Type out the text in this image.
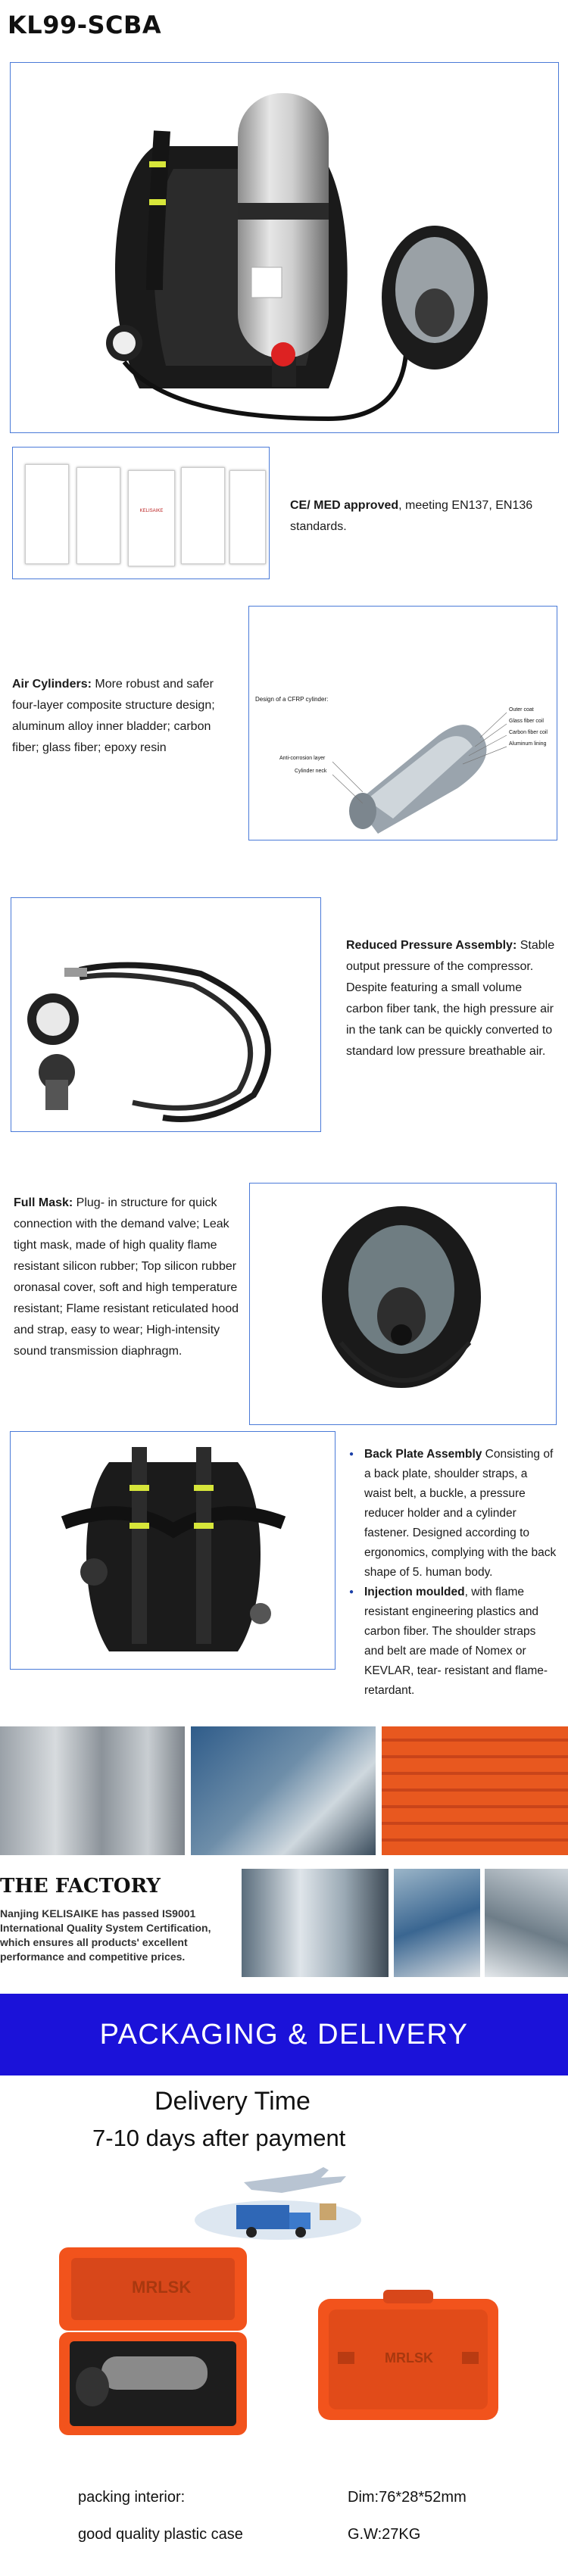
KL99-SCBA
KELISAIKE	CE/ MED approved, meeting EN137, EN136 standards.
Air Cylinders: More robust and safer four-layer composite structure design; aluminum alloy inner bladder; carbon fiber; glass fiber; epoxy resin
Design of a CFRP cylinder:
Outer coat
Glass fiber coil
Carbon fiber coil
Aluminum lining
Anti-corrosion layer
Cylinder neck
Reduced Pressure Assembly: Stable output pressure of the compressor. Despite featuring a small volume carbon fiber tank, the high pressure air in the tank can be quickly converted to standard low pressure breathable air.
Full Mask: Plug- in structure for quick connection with the demand valve; Leak tight mask, made of high quality flame resistant silicon rubber; Top silicon rubber oronasal cover, soft and high temperature resistant; Flame resistant reticulated hood and strap, easy to wear; High-intensity sound transmission diaphragm.
● Back Plate Assembly Consisting of a back plate, shoulder straps, a waist belt, a buckle, a pressure reducer holder and a cylinder fastener. Designed according to ergonomics, complying with the back shape of 5. human body.
● Injection moulded, with flame resistant engineering plastics and carbon fiber. The shoulder straps and belt are made of Nomex or KEVLAR, tear- resistant and flame-retardant.
THE FACTORY
Nanjing KELISAIKE has passed IS9001 International Quality System Certification, which ensures all products' excellent performance and competitive prices.
PACKAGING & DELIVERY
Delivery Time
7-10 days after payment
MRLSK
MRLSK
packing interior:
good quality plastic case
Dim:76*28*52mm
G.W:27KG
